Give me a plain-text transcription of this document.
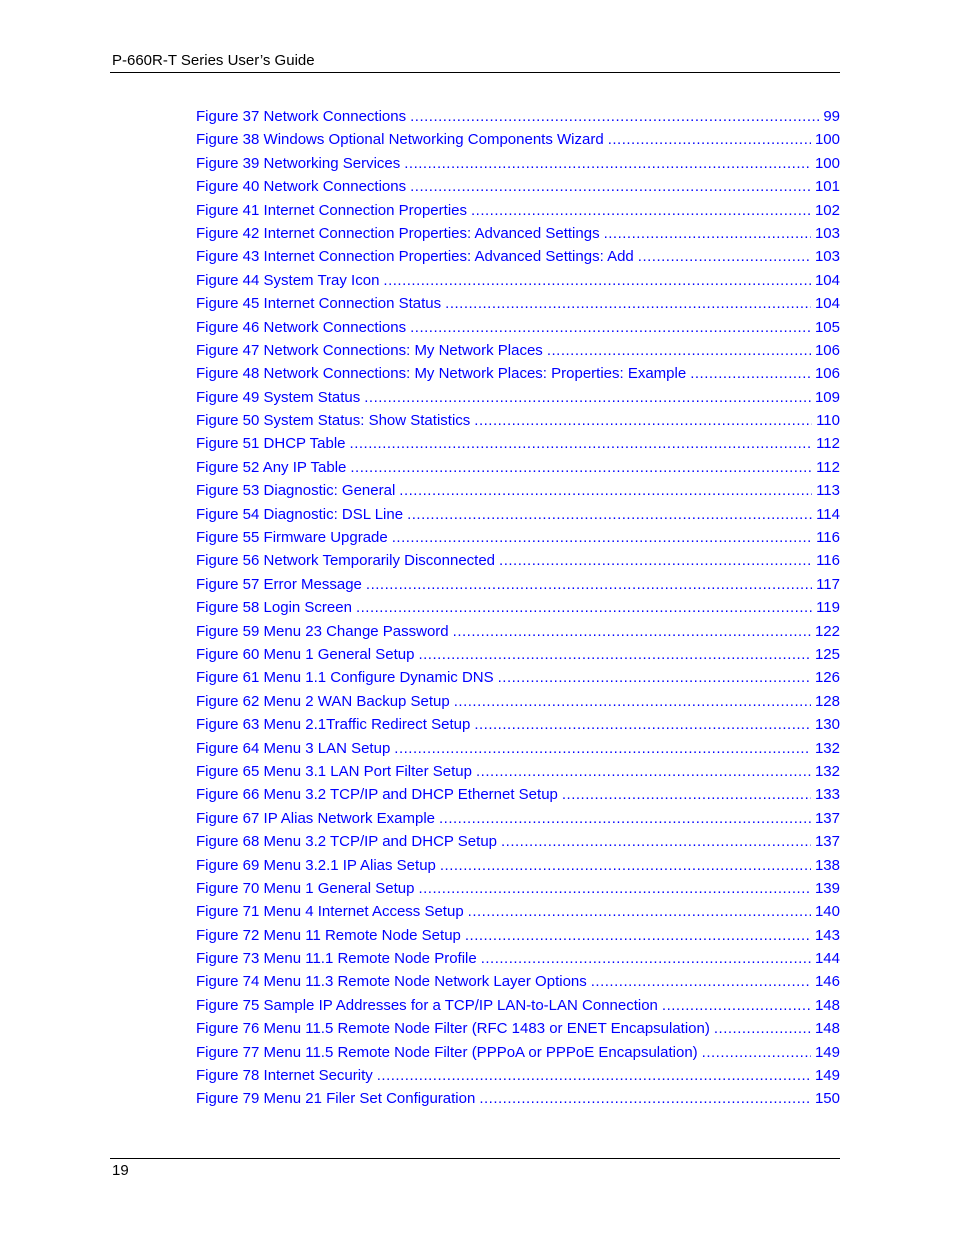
P-660R-T Series User’s Guide
Figure 37 Network Connections .....	99
Figure 38 Windows Optional Networking Components Wizard .....	100
Figure 39 Networking Services .....	100
Figure 40 Network Connections .....	101
Figure 41 Internet Connection Properties .....	102
Figure 42 Internet Connection Properties: Advanced Settings .....	103
Figure 43 Internet Connection Properties: Advanced Settings: Add .....	103
Figure 44 System Tray Icon .....	104
Figure 45 Internet Connection Status .....	104
Figure 46 Network Connections .....	105
Figure 47 Network Connections: My Network Places .....	106
Figure 48 Network Connections: My Network Places: Properties: Example .....	106
Figure 49 System Status .....	109
Figure 50 System Status: Show Statistics .....	110
Figure 51 DHCP Table .....	112
Figure 52 Any IP Table .....	112
Figure 53 Diagnostic: General .....	113
Figure 54 Diagnostic: DSL Line .....	114
Figure 55 Firmware Upgrade .....	116
Figure 56 Network Temporarily Disconnected .....	116
Figure 57 Error Message .....	117
Figure 58 Login Screen .....	119
Figure 59 Menu 23 Change Password .....	122
Figure 60 Menu 1 General Setup .....	125
Figure 61 Menu 1.1 Configure Dynamic DNS .....	126
Figure 62 Menu 2 WAN Backup Setup .....	128
Figure 63 Menu 2.1Traffic Redirect Setup .....	130
Figure 64 Menu 3 LAN Setup .....	132
Figure 65 Menu 3.1 LAN Port Filter Setup .....	132
Figure 66 Menu 3.2 TCP/IP and DHCP Ethernet Setup .....	133
Figure 67 IP Alias Network Example .....	137
Figure 68 Menu 3.2 TCP/IP and DHCP Setup .....	137
Figure 69 Menu 3.2.1 IP Alias Setup .....	138
Figure 70 Menu 1 General Setup .....	139
Figure 71 Menu 4 Internet Access Setup .....	140
Figure 72 Menu 11 Remote Node Setup .....	143
Figure 73 Menu 11.1 Remote Node Profile .....	144
Figure 74 Menu 11.3 Remote Node Network Layer Options .....	146
Figure 75 Sample IP Addresses for a TCP/IP LAN-to-LAN Connection .....	148
Figure 76 Menu 11.5 Remote Node Filter (RFC 1483 or ENET Encapsulation) .....	148
Figure 77 Menu 11.5 Remote Node Filter (PPPoA or PPPoE Encapsulation) .....	149
Figure 78 Internet Security .....	149
Figure 79 Menu 21 Filer Set Configuration .....	150
19
